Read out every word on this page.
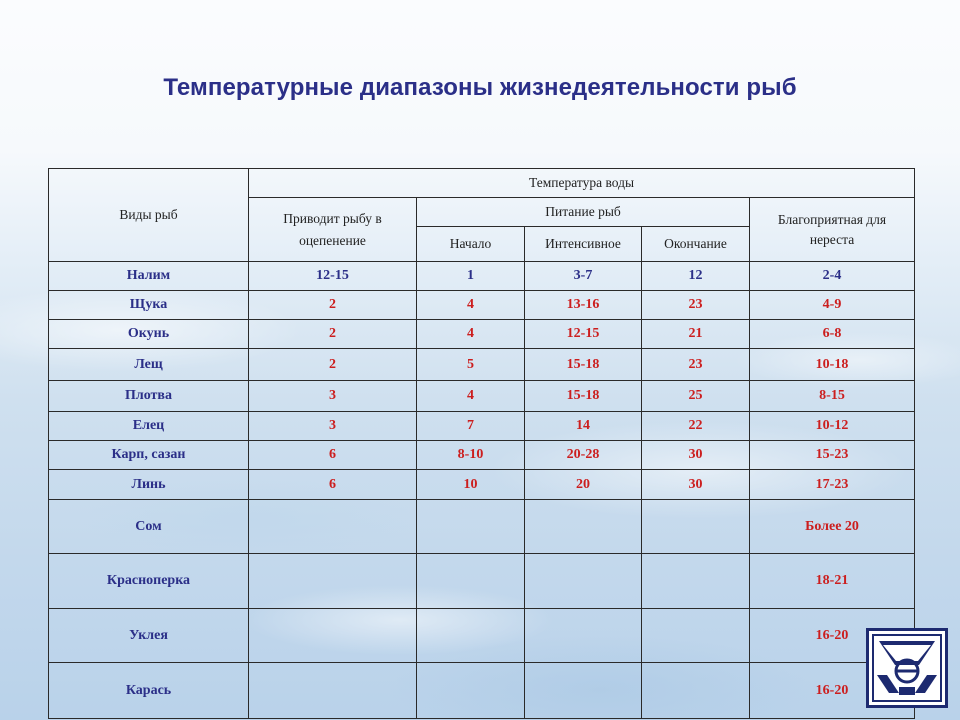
Температурные диапазоны жизнедеятельности рыб
Виды рыб	Температура воды				
	Приводит рыбу в оцепенение	Питание рыб			Благоприятная для нереста
		Начало	Интенсивное	Окончание	
Налим	12-15	1	3-7	12	2-4
Щука	2	4	13-16	23	4-9
Окунь	2	4	12-15	21	6-8
Лещ	2	5	15-18	23	10-18
Плотва	3	4	15-18	25	8-15
Елец	3	7	14	22	10-12
Карп, сазан	6	8-10	20-28	30	15-23
Линь	6	10	20	30	17-23
Сом					Более 20
Красноперка					18-21
Уклея					16-20
Карась					16-20
